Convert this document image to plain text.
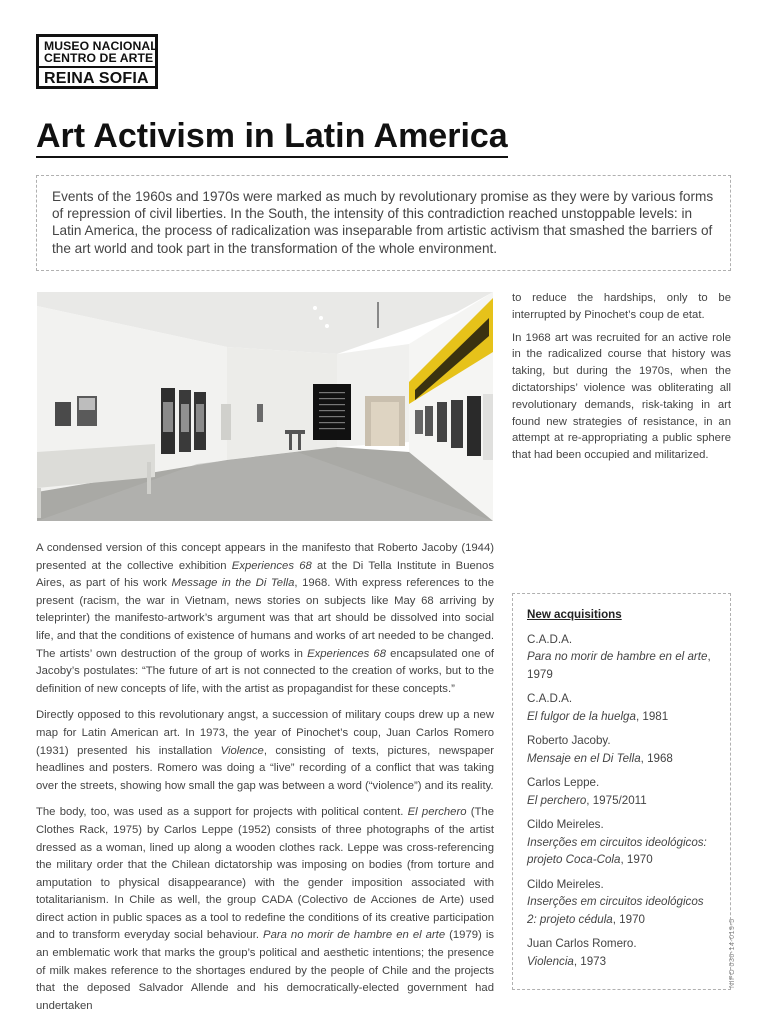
MUSEO NACIONAL
CENTRO DE ARTE
REINA SOFIA
Art Activism in Latin America
Events of the 1960s and 1970s were marked as much by revolutionary promise as they were by various forms of repression of civil liberties. In the South, the intensity of this contradiction reached unstoppable levels: in Latin America, the process of radicalization was inseparable from artistic activism that smashed the barriers of the art world and took part in the transformation of the whole environment.

to reduce the hardships, only to be interrupted by Pinochet’s coup de etat.

In 1968 art was recruited for an active role in the radicalized course that history was taking, but during the 1970s, when the dictatorships’ violence was obliterating all revolutionary demands, risk-taking in art found new strategies of resistance, in an attempt at re-appropriating a public sphere that had been occupied and militarized.

A condensed version of this concept appears in the manifesto that Roberto Jacoby (1944) presented at the collective exhibition Experiences 68 at the Di Tella Institute in Buenos Aires, as part of his work Message in the Di Tella, 1968. With express references to the present (racism, the war in Vietnam, news stories on subjects like May 68 arriving by teleprinter) the manifesto-artwork’s argument was that art should be dissolved into social life, and that the conditions of existence of humans and works of art needed to be changed. The artists’ own destruction of the group of works in Experiences 68 encapsulated one of Jacoby’s postulates: “The future of art is not connected to the creation of works, but to the definition of new concepts of life, with the artist as propagandist for these concepts.”

Directly opposed to this revolutionary angst, a succession of military coups drew up a new map for Latin American art. In 1973, the year of Pinochet’s coup, Juan Carlos Romero (1931) presented his installation Violence, consisting of texts, pictures, newspaper headlines and posters. Romero was doing a “live” recording of a conflict that was taking over the streets, showing how small the gap was between a word (“violence”) and its reality.

The body, too, was used as a support for projects with political content. El perchero (The Clothes Rack, 1975) by Carlos Leppe (1952) consists of three photographs of the artist dressed as a woman, lined up along a wooden clothes rack. Leppe was cross-referencing the military order that the Chilean dictatorship was imposing on bodies (from torture and amputation to physical disappearance) with the gender imposition associated with totalitarianism. In Chile as well, the group CADA (Colectivo de Acciones de Arte) used direct action in public spaces as a tool to redefine the conditions of its creative participation and to transform everyday social behaviour. Para no morir de hambre en el arte (1979) is an emblematic work that marks the group’s political and aesthetic intentions; the presence of milk makes reference to the shortages endured by the people of Chile and the projects that the deposed Salvador Allende and his democratically-elected government had undertaken

New acquisitions
C.A.D.A.
Para no morir de hambre en el arte, 1979
C.A.D.A.
El fulgor de la huelga, 1981
Roberto Jacoby.
Mensaje en el Di Tella, 1968
Carlos Leppe.
El perchero, 1975/2011
Cildo Meireles.
Inserções em circuitos ideológicos: projeto Coca-Cola, 1970
Cildo Meireles.
Inserções em circuitos ideológicos 2: projeto cédula, 1970
Juan Carlos Romero.
Violencia, 1973	NIPO 036-14-019-5
